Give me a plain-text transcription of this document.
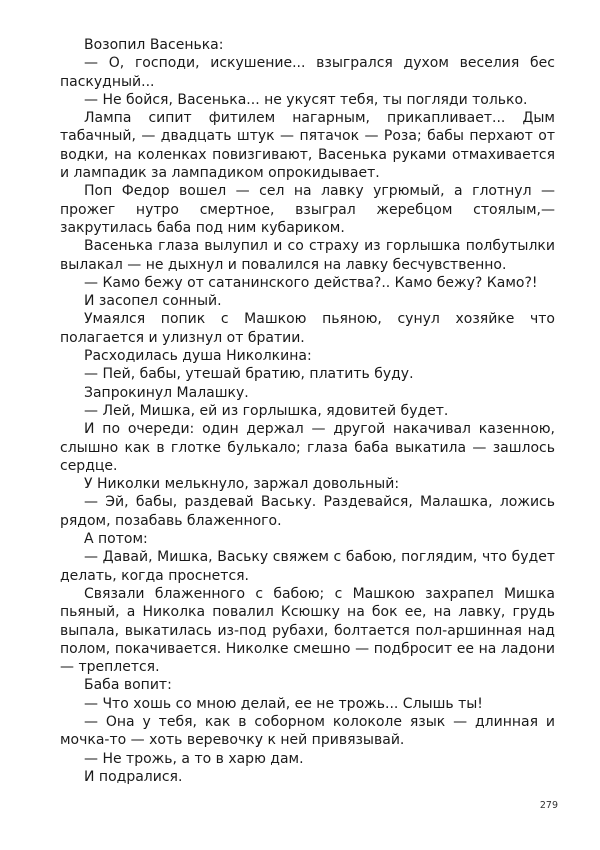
Возопил Васенька:

— О, господи, искушение... взыгрался духом веселия бес паскудный...

— Не бойся, Васенька... не укусят тебя, ты погляди только.

Лампа сипит фитилем нагарным, прикапливает... Дым табачный, — двадцать штук — пятачок — Роза; бабы перхают от водки, на коленках повизгивают, Васенька руками отмахивается и лампадик за лампадиком опрокидывает.

Поп Федор вошел — сел на лавку угрюмый, а глотнул — прожег нутро смертное, взыграл жеребцом стоялым,— закрутилась баба под ним кубариком.

Васенька глаза вылупил и со страху из горлышка полбутылки вылакал — не дыхнул и повалился на лавку бесчувственно.

— Камо бежу от сатанинского действа?.. Камо бежу? Камо?!

И засопел сонный.

Умаялся попик с Машкою пьяною, сунул хозяйке что полагается и улизнул от братии.

Расходилась душа Николкина:

— Пей, бабы, утешай братию, платить буду.

Запрокинул Малашку.

— Лей, Мишка, ей из горлышка, ядовитей будет.

И по очереди: один держал — другой накачивал казенною, слышно как в глотке булькало; глаза баба выкатила — зашлось сердце.

У Николки мелькнуло, заржал довольный:

— Эй, бабы, раздевай Ваську. Раздевайся, Малашка, ложись рядом, позабавь блаженного.

А потом:

— Давай, Мишка, Ваську свяжем с бабою, поглядим, что будет делать, когда проснется.

Связали блаженного с бабою; с Машкою захрапел Мишка пьяный, а Николка повалил Ксюшку на бок ее, на лавку, грудь выпала, выкатилась из-под рубахи, болтается пол-аршинная над полом, покачивается. Николке смешно — подбросит ее на ладони — треплется.

Баба вопит:

— Что хошь со мною делай, ее не трожь... Слышь ты!

— Она у тебя, как в соборном колоколе язык — длинная и мочка-то — хоть веревочку к ней привязывай.

— Не трожь, а то в харю дам.

И подралися.

279
